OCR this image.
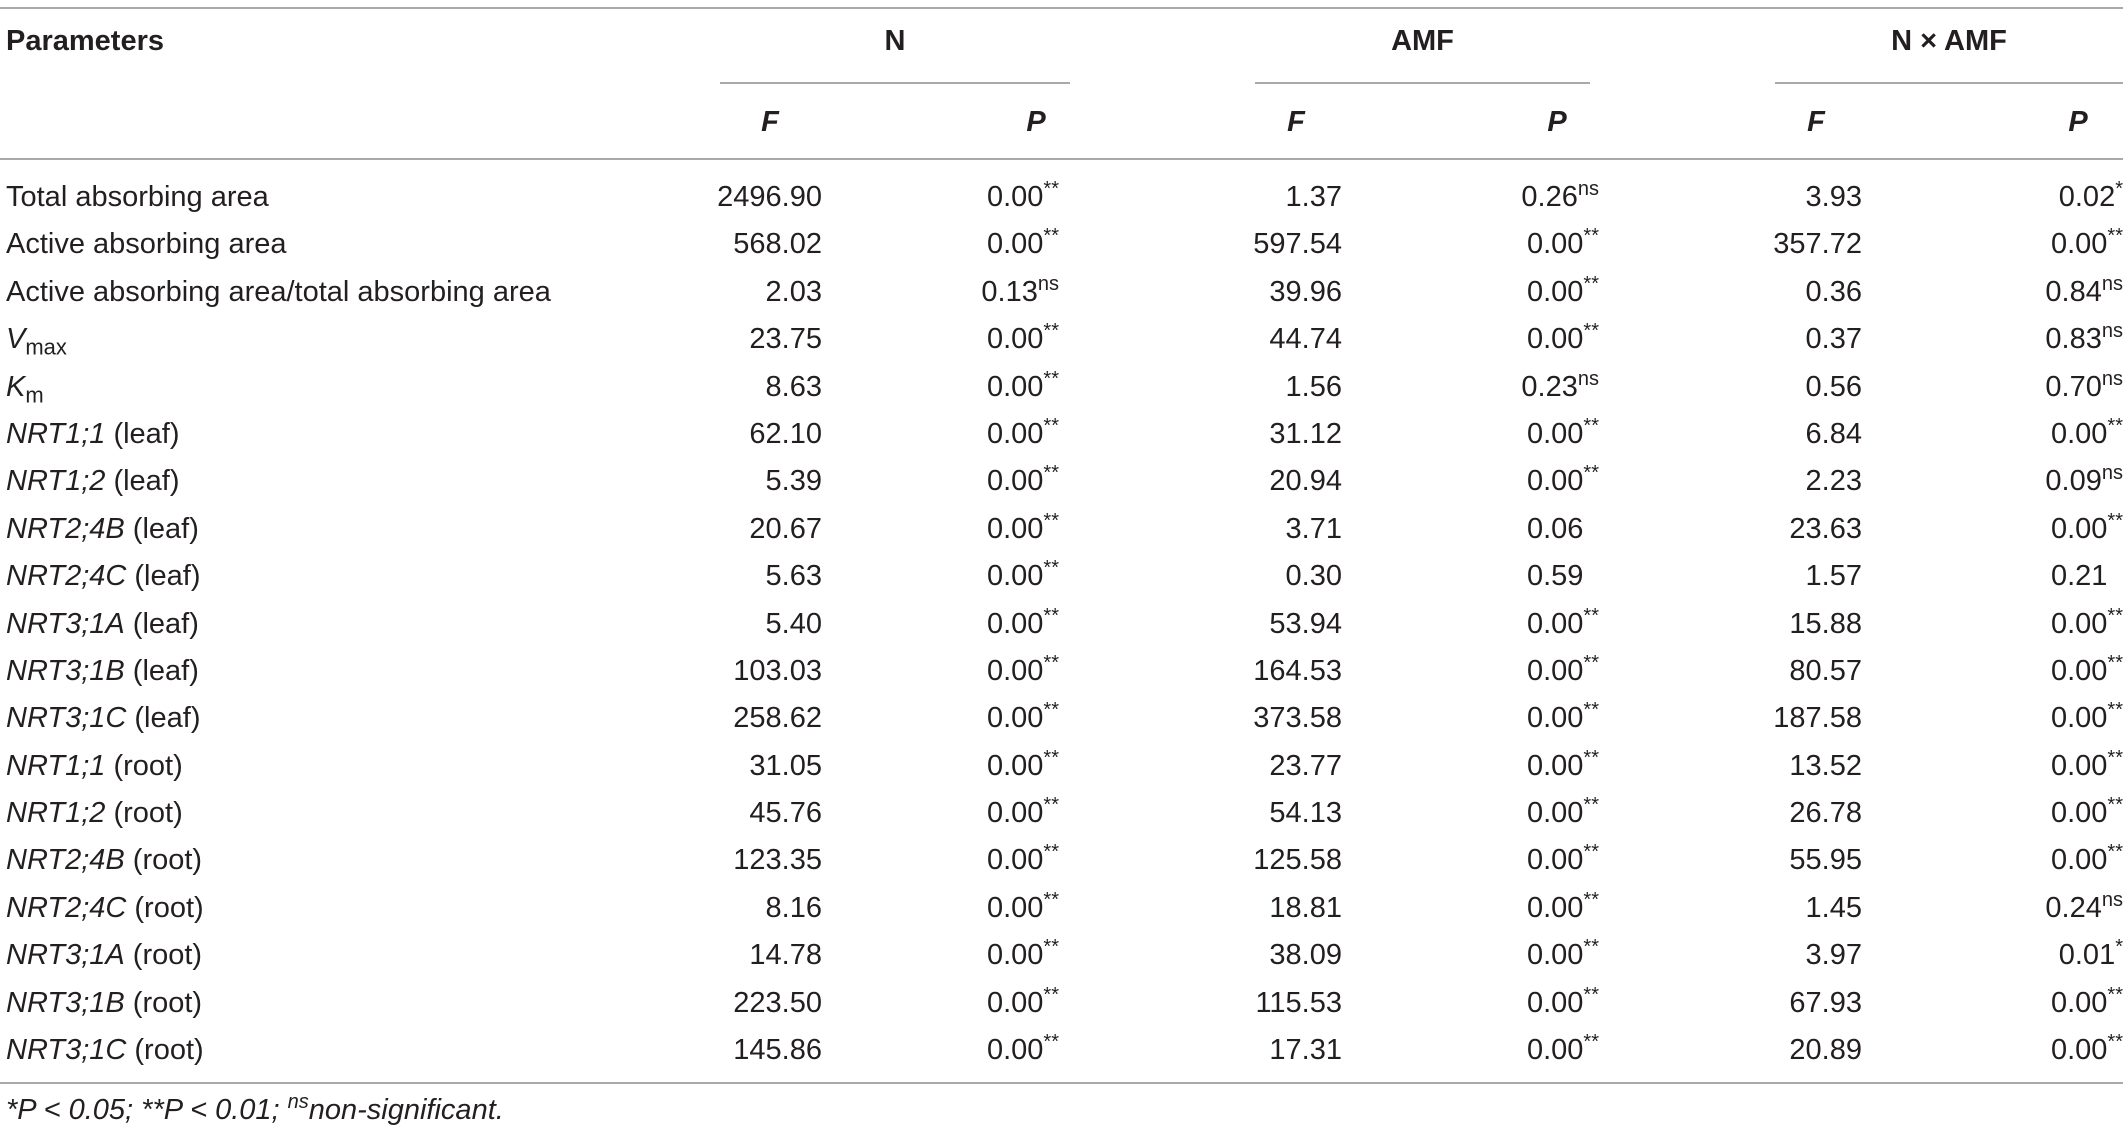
Parameters	N	AMF	N × AMF
F	P	F	P	F	P
Total absorbing area	2496.90	0.00**	1.37	$0.26^{ns}$	3.93	0.02*
Active absorbing area	568.02	0.00**	597.54	0.00**	357.72	0.00**
Active absorbing area/total absorbing area	2.03	$0.13^{ns}$	39.96	0.00**	0.36	$0.84^{ns}$
$V_{max}$	23.75	0.00**	44.74	0.00**	0.37	$0.83^{ns}$
$K_m$	8.63	0.00**	1.56	$0.23^{ns}$	0.56	$0.70^{ns}$
NRT1;1 (leaf)	62.10	0.00**	31.12	0.00**	6.84	0.00**
NRT1;2 (leaf)	5.39	0.00**	20.94	0.00**	2.23	$0.09^{ns}$
NRT2;4B (leaf)	20.67	0.00**	3.71	0.06	23.63	0.00**
NRT2;4C (leaf)	5.63	0.00**	0.30	0.59	1.57	0.21
NRT3;1A (leaf)	5.40	0.00**	53.94	0.00**	15.88	0.00**
NRT3;1B (leaf)	103.03	0.00**	164.53	0.00**	80.57	0.00**
NRT3;1C (leaf)	258.62	0.00**	373.58	0.00**	187.58	0.00**
NRT1;1 (root)	31.05	0.00**	23.77	0.00**	13.52	0.00**
NRT1;2 (root)	45.76	0.00**	54.13	0.00**	26.78	0.00**
NRT2;4B (root)	123.35	0.00**	125.58	0.00**	55.95	0.00**
NRT2;4C (root)	8.16	0.00**	18.81	0.00**	1.45	$0.24^{ns}$
NRT3;1A (root)	14.78	0.00**	38.09	0.00**	3.97	0.01*
NRT3;1B (root)	223.50	0.00**	115.53	0.00**	67.93	0.00**
NRT3;1C (root)	145.86	0.00**	17.31	0.00**	20.89	0.00**
*P < 0.05; **P < 0.01; $^{ns}$non-significant.
